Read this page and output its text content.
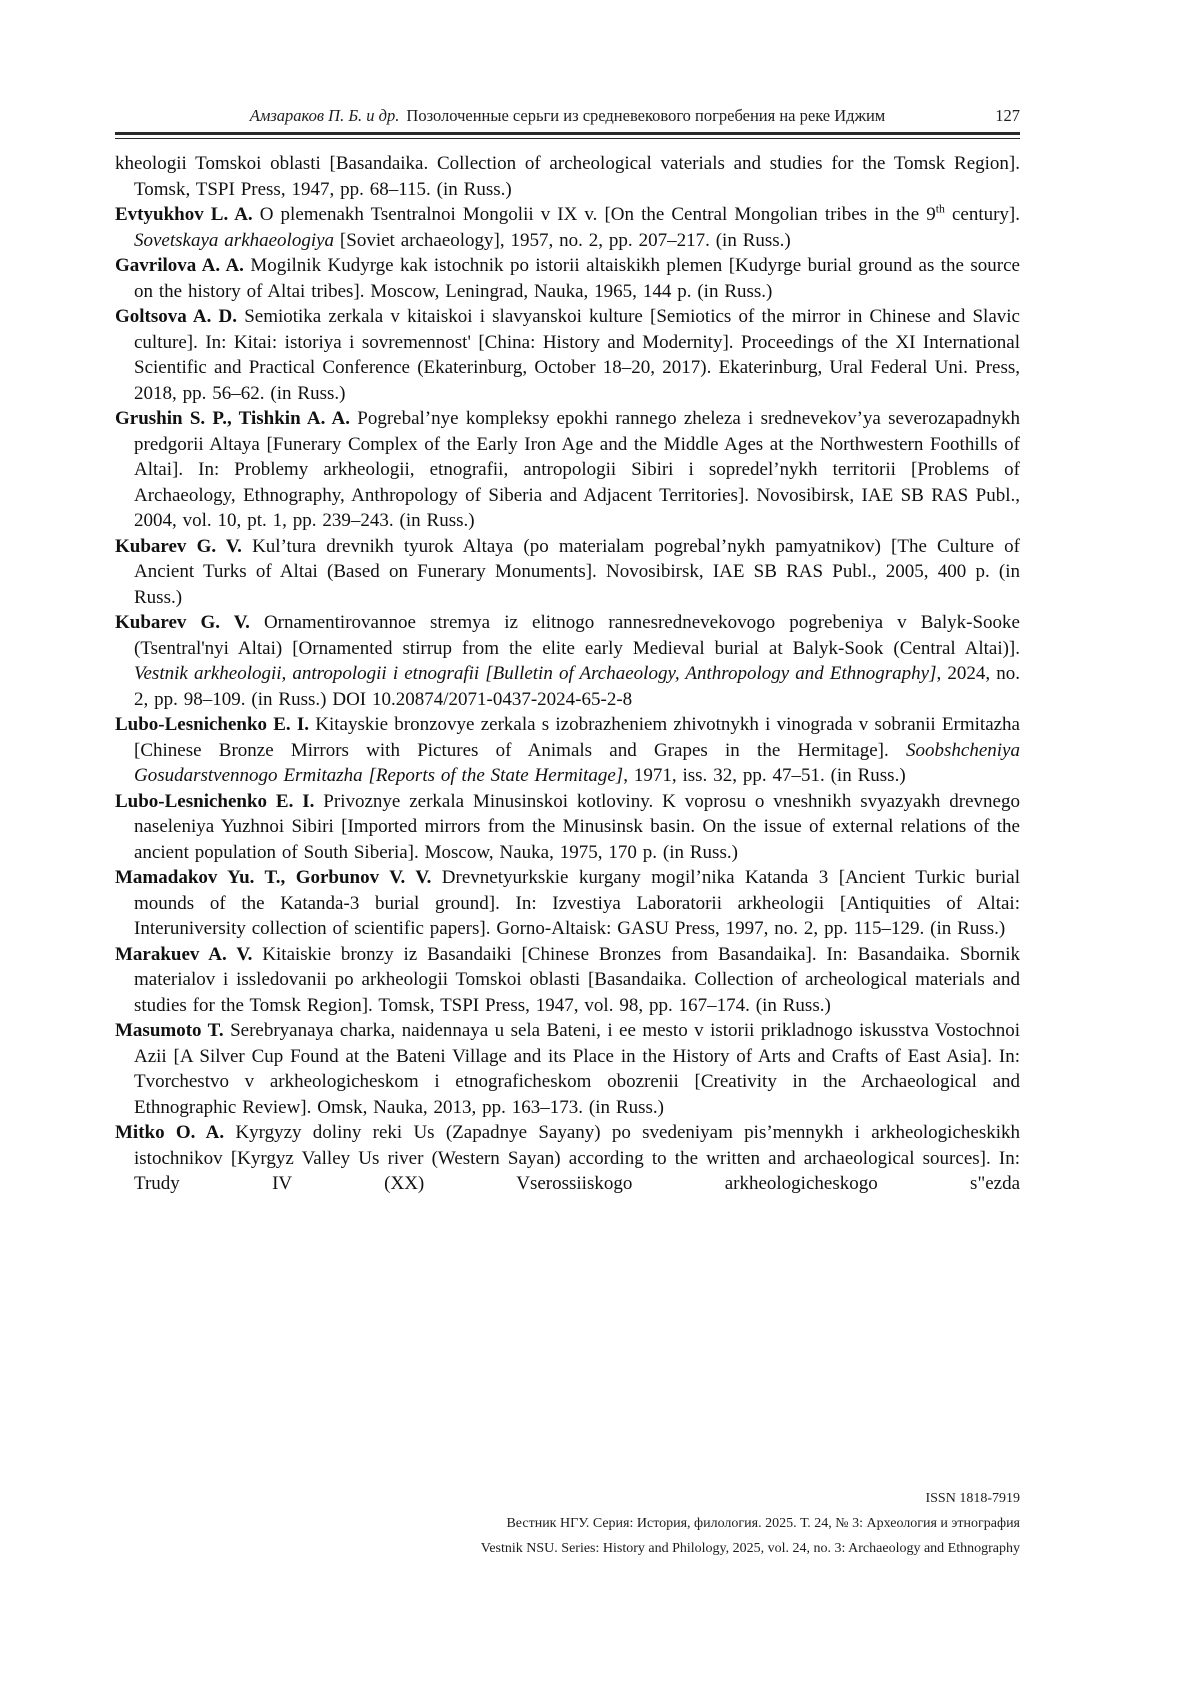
Амзараков П. Б. и др. Позолоченные серьги из средневекового погребения на реке Иджим	127

kheologii Tomskoi oblasti [Basandaika. Collection of archeological vaterials and studies for the Tomsk Region]. Tomsk, TSPI Press, 1947, pp. 68–115. (in Russ.)

Evtyukhov L. A. O plemenakh Tsentralnoi Mongolii v IX v. [On the Central Mongolian tribes in the 9th century]. Sovetskaya arkhaeologiya [Soviet archaeology], 1957, no. 2, pp. 207–217. (in Russ.)

Gavrilova A. A. Mogilnik Kudyrge kak istochnik po istorii altaiskikh plemen [Kudyrge burial ground as the source on the history of Altai tribes]. Moscow, Leningrad, Nauka, 1965, 144 p. (in Russ.)

Goltsova A. D. Semiotika zerkala v kitaiskoi i slavyanskoi kulture [Semiotics of the mirror in Chinese and Slavic culture]. In: Kitai: istoriya i sovremennost' [China: History and Modernity]. Proceedings of the XI International Scientific and Practical Conference (Ekaterinburg, October 18–20, 2017). Ekaterinburg, Ural Federal Uni. Press, 2018, pp. 56–62. (in Russ.)

Grushin S. P., Tishkin A. A. Pogrebal’nye kompleksy epokhi rannego zheleza i srednevekov’ya severozapadnykh predgorii Altaya [Funerary Complex of the Early Iron Age and the Middle Ages at the Northwestern Foothills of Altai]. In: Problemy arkheologii, etnografii, antropologii Sibiri i sopredel’nykh territorii [Problems of Archaeology, Ethnography, Anthropology of Siberia and Adjacent Territories]. Novosibirsk, IAE SB RAS Publ., 2004, vol. 10, pt. 1, pp. 239–243. (in Russ.)

Kubarev G. V. Kul’tura drevnikh tyurok Altaya (po materialam pogrebal’nykh pamyatnikov) [The Culture of Ancient Turks of Altai (Based on Funerary Monuments]. Novosibirsk, IAE SB RAS Publ., 2005, 400 p. (in Russ.)

Kubarev G. V. Ornamentirovannoe stremya iz elitnogo rannesrednevekovogo pogrebeniya v Balyk-Sooke (Tsentral'nyi Altai) [Ornamented stirrup from the elite early Medieval burial at Balyk-Sook (Central Altai)]. Vestnik arkheologii, antropologii i etnografii [Bulletin of Archaeology, Anthropology and Ethnography], 2024, no. 2, pp. 98–109. (in Russ.) DOI 10.20874/2071-0437-2024-65-2-8

Lubo-Lesnichenko E. I. Kitayskie bronzovye zerkala s izobrazheniem zhivotnykh i vinograda v sobranii Ermitazha [Chinese Bronze Mirrors with Pictures of Animals and Grapes in the Hermitage]. Soobshcheniya Gosudarstvennogo Ermitazha [Reports of the State Hermitage], 1971, iss. 32, pp. 47–51. (in Russ.)

Lubo-Lesnichenko E. I. Privoznye zerkala Minusinskoi kotloviny. K voprosu o vneshnikh svyazyakh drevnego naseleniya Yuzhnoi Sibiri [Imported mirrors from the Minusinsk basin. On the issue of external relations of the ancient population of South Siberia]. Moscow, Nauka, 1975, 170 p. (in Russ.)

Mamadakov Yu. T., Gorbunov V. V. Drevnetyurkskie kurgany mogil’nika Katanda 3 [Ancient Turkic burial mounds of the Katanda-3 burial ground]. In: Izvestiya Laboratorii arkheologii [Antiquities of Altai: Interuniversity collection of scientific papers]. Gorno-Altaisk: GASU Press, 1997, no. 2, pp. 115–129. (in Russ.)

Marakuev A. V. Kitaiskie bronzy iz Basandaiki [Chinese Bronzes from Basandaika]. In: Basandaika. Sbornik materialov i issledovanii po arkheologii Tomskoi oblasti [Basandaika. Collection of archeological materials and studies for the Tomsk Region]. Tomsk, TSPI Press, 1947, vol. 98, pp. 167–174. (in Russ.)

Masumoto T. Serebryanaya charka, naidennaya u sela Bateni, i ee mesto v istorii prikladnogo iskusstva Vostochnoi Azii [A Silver Cup Found at the Bateni Village and its Place in the History of Arts and Crafts of East Asia]. In: Tvorchestvo v arkheologicheskom i etnograficheskom obozrenii [Creativity in the Archaeological and Ethnographic Review]. Omsk, Nauka, 2013, pp. 163–173. (in Russ.)

Mitko O. A. Kyrgyzy doliny reki Us (Zapadnye Sayany) po svedeniyam pis’mennykh i arkheologicheskikh istochnikov [Kyrgyz Valley Us river (Western Sayan) according to the written and archaeological sources]. In: Trudy IV (XX) Vserossiiskogo arkheologicheskogo s"ezda

ISSN 1818-7919
Вестник НГУ. Серия: История, филология. 2025. Т. 24, № 3: Археология и этнография
Vestnik NSU. Series: History and Philology, 2025, vol. 24, no. 3: Archaeology and Ethnography
